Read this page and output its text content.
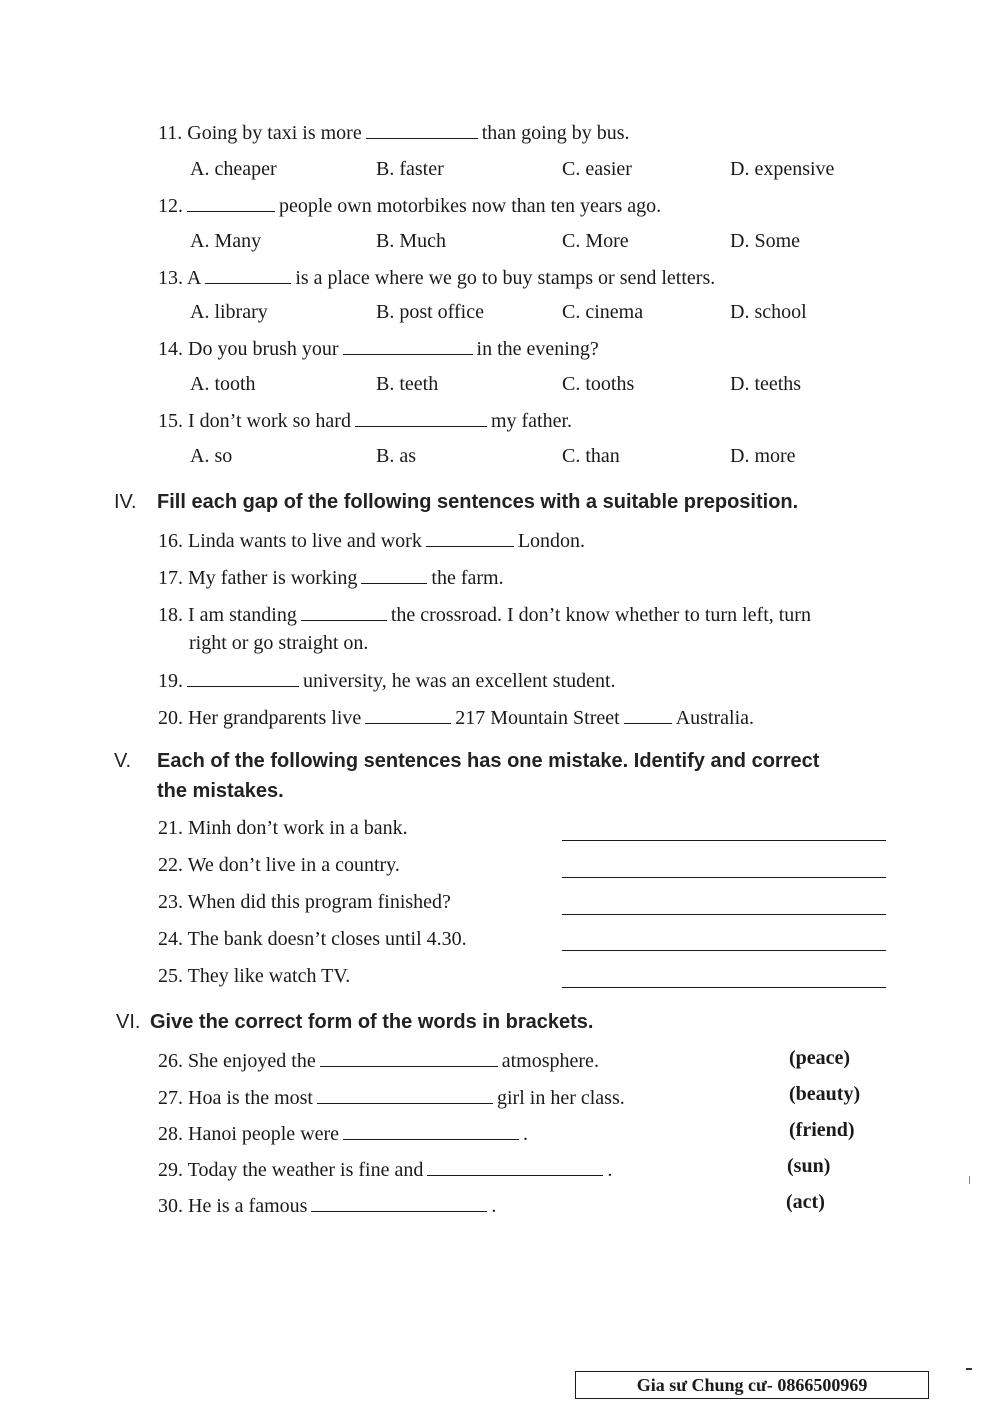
11. Going by taxi is more	than going by bus.
A. cheaper	B. faster	C. easier	D. expensive
12.	people own motorbikes now than ten years ago.
A. Many	B. Much	C. More	D. Some
13. A	is a place where we go to buy stamps or send letters.
A. library	B. post office	C. cinema	D. school
14. Do you brush your	in the evening?
A. tooth	B. teeth	C. tooths	D. teeths
15. I don’t work so hard	my father.
A. so	B. as	C. than	D. more
IV. Fill each gap of the following sentences with a suitable preposition.
16. Linda wants to live and work	London.
17. My father is working	the farm.
18. I am standing	the crossroad. I don’t know whether to turn left, turn
right or go straight on.
19.	university, he was an excellent student.
20. Her grandparents live	217 Mountain Street	Australia.
V. Each of the following sentences has one mistake. Identify and correct
the mistakes.
21. Minh don’t work in a bank.
22. We don’t live in a country.
23. When did this program finished?
24. The bank doesn’t closes until 4.30.
25. They like watch TV.
VI. Give the correct form of the words in brackets.
26. She enjoyed the	atmosphere.	(peace)
27. Hoa is the most	girl in her class.	(beauty)
28. Hanoi people were	.	(friend)
29. Today the weather is fine and	.	(sun)
30. He is a famous	.	(act)
Gia sư Chung cư- 0866500969
